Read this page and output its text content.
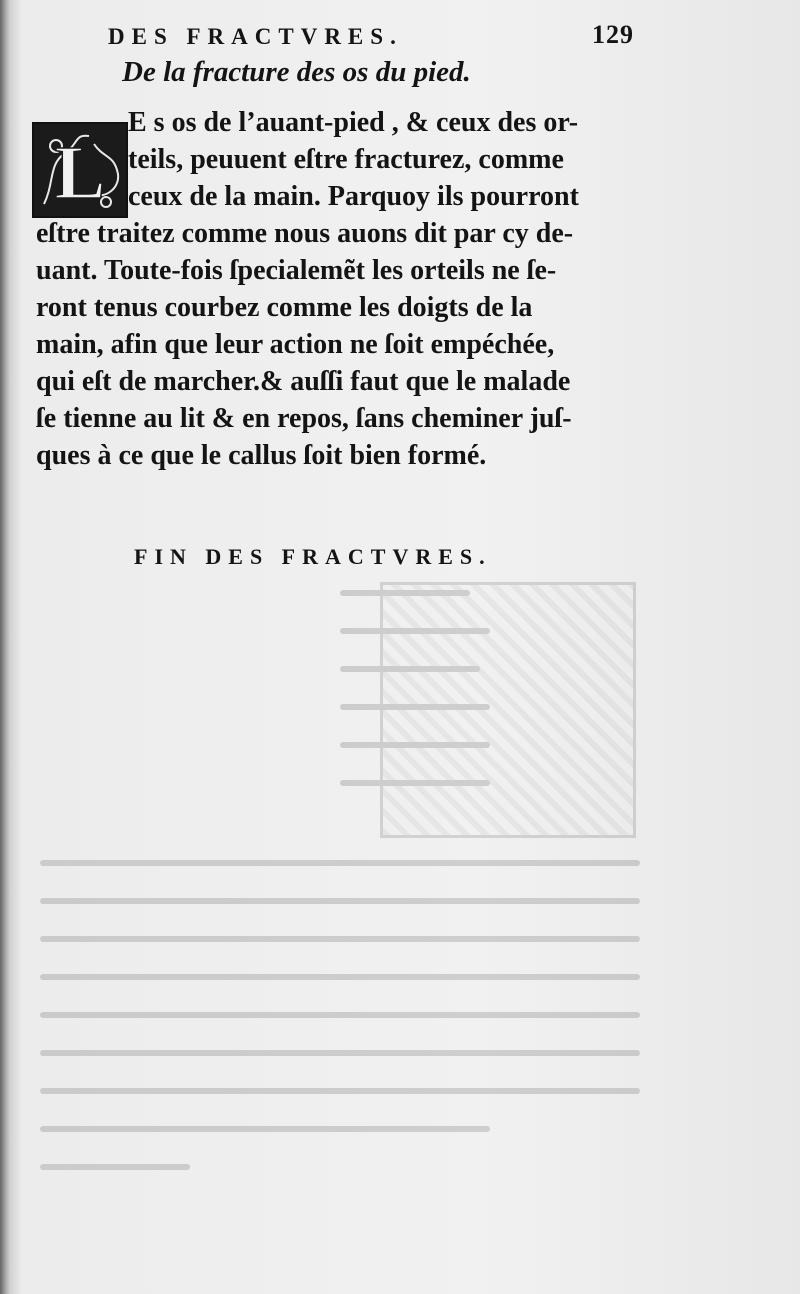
DES FRACTVRES.	129
De la fracture des os du pied.
L
E s os de l’auant-pied , & ceux des or-
teils, peuuent eſtre fracturez, comme
ceux de la main. Parquoy ils pourront
eſtre traitez comme nous auons dit par cy de-
uant. Toute-fois ſpecialemẽt les orteils ne ſe-
ront tenus courbez comme les doigts de la
main, afin que leur action ne ſoit empéchée,
qui eſt de marcher.& auſſi faut que le malade
ſe tienne au lit & en repos, ſans cheminer juſ-
ques à ce que le callus ſoit bien formé.
FIN DES FRACTVRES.
